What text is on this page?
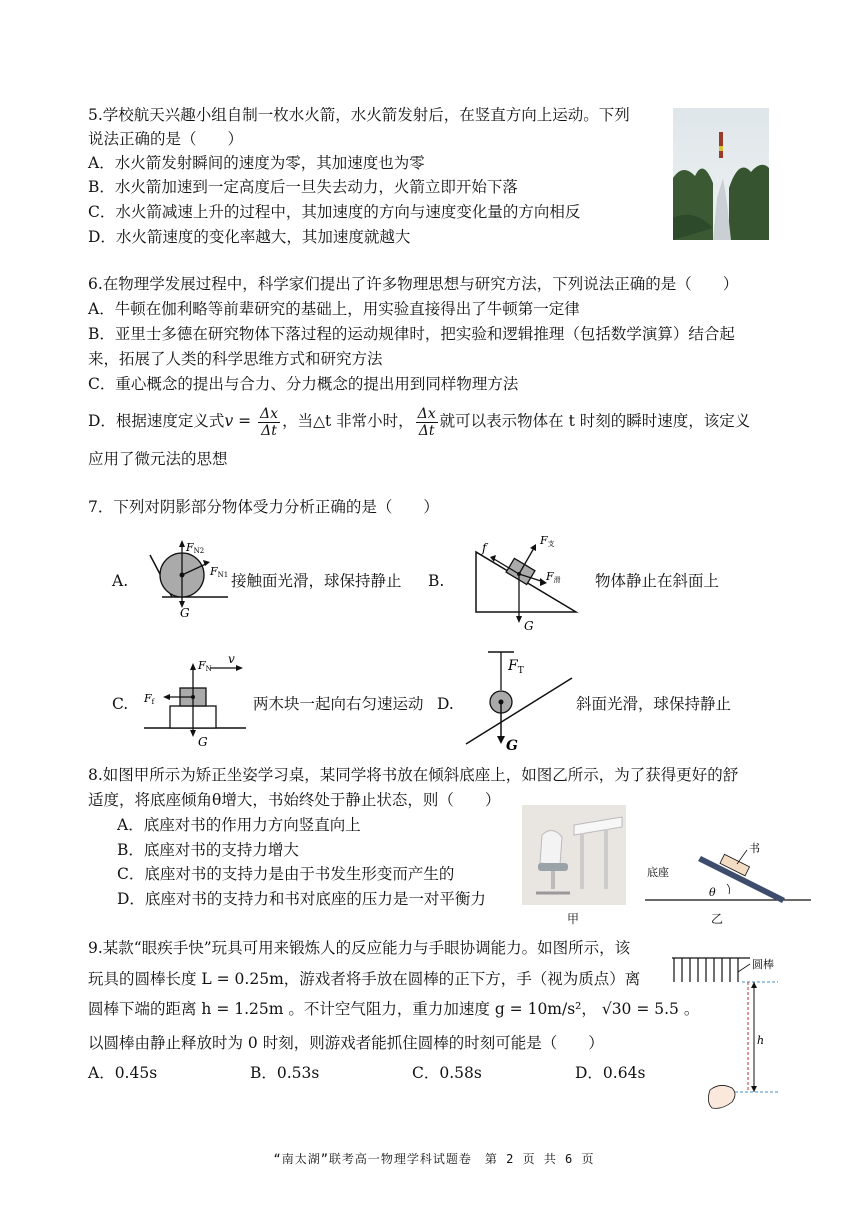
5.学校航天兴趣小组自制一枚水火箭，水火箭发射后，在竖直方向上运动。下列
说法正确的是（　　）
A．水火箭发射瞬间的速度为零，其加速度也为零
B．水火箭加速到一定高度后一旦失去动力，火箭立即开始下落
C．水火箭减速上升的过程中，其加速度的方向与速度变化量的方向相反
D．水火箭速度的变化率越大，其加速度就越大
6.在物理学发展过程中，科学家们提出了许多物理思想与研究方法，下列说法正确的是（　　）
A．牛顿在伽利略等前辈研究的基础上，用实验直接得出了牛顿第一定律
B．亚里士多德在研究物体下落过程的运动规律时，把实验和逻辑推理（包括数学演算）结合起
来，拓展了人类的科学思维方式和研究方法
C．重心概念的提出与合力、分力概念的提出用到同样物理方法
D．根据速度定义式$v = \frac{\Delta x}{\Delta t}$ ，当△t 非常小时， $\frac{\Delta x}{\Delta t}$ 就可以表示物体在 t 时刻的瞬时速度，该定义
应用了微元法的思想
7．下列对阴影部分物体受力分析正确的是（　　）
A.
FN2
FN1
G
接触面光滑，球保持静止 B.
f
F支
F滑
G
物体静止在斜面上
C.
FN
Ff
v
G
两木块一起向右匀速运动 D.
$F_T$
G
斜面光滑，球保持静止
8.如图甲所示为矫正坐姿学习桌，某同学将书放在倾斜底座上，如图乙所示，为了获得更好的舒
适度，将底座倾角θ增大，书始终处于静止状态，则（　　）
A．底座对书的作用力方向竖直向上
B．底座对书的支持力增大
C．底座对书的支持力是由于书发生形变而产生的
D．底座对书的支持力和书对底座的压力是一对平衡力
甲
书
底座
θ
乙
9.某款“眼疾手快”玩具可用来锻炼人的反应能力与手眼协调能力。如图所示，该
玩具的圆棒长度 L = 0.25m，游戏者将手放在圆棒的正下方，手（视为质点）离
圆棒下端的距离 h = 1.25m 。不计空气阻力，重力加速度 g = 10m/s²， √30 = 5.5 。
以圆棒由静止释放时为 0 时刻，则游戏者能抓住圆棒的时刻可能是（　　）
A．0.45s	B．0.53s	C．0.58s	D．0.64s
h
圆棒
“南太湖”联考高一物理学科试题卷　第 2 页 共 6 页
